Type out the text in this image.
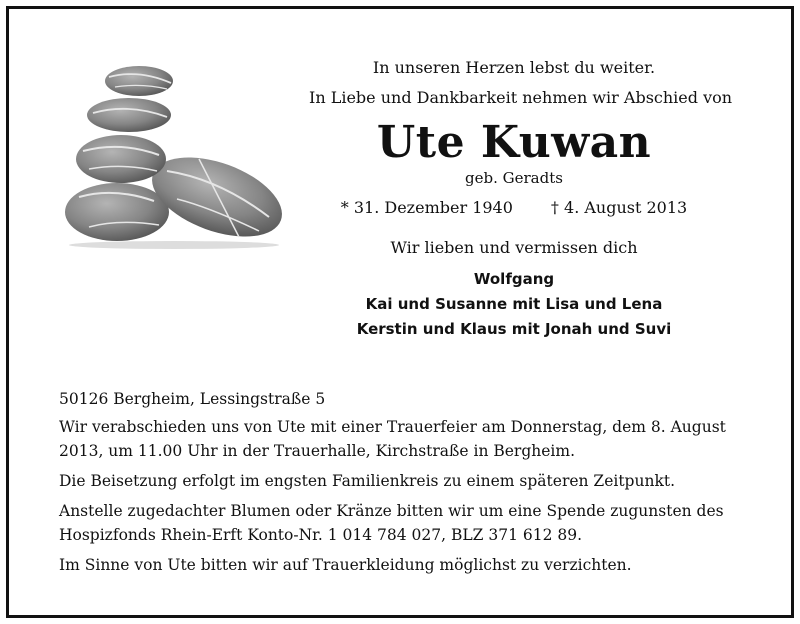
In unseren Herzen lebst du weiter.
In Liebe und Dankbarkeit nehmen wir Abschied von
Ute Kuwan
geb. Geradts
* 31. Dezember 1940 † 4. August 2013
Wir lieben und vermissen dich
Wolfgang
Kai und Susanne mit Lisa und Lena
Kerstin und Klaus mit Jonah und Suvi

50126 Bergheim, Lessingstraße 5

Wir verabschieden uns von Ute mit einer Trauerfeier am Donnerstag, dem 8. August 2013, um 11.00 Uhr in der Trauerhalle, Kirchstraße in Bergheim.

Die Beisetzung erfolgt im engsten Familienkreis zu einem späteren Zeitpunkt.

Anstelle zugedachter Blumen oder Kränze bitten wir um eine Spende zugunsten des Hospizfonds Rhein-Erft Konto-Nr. 1 014 784 027, BLZ 371 612 89.

Im Sinne von Ute bitten wir auf Trauerkleidung möglichst zu verzichten.
